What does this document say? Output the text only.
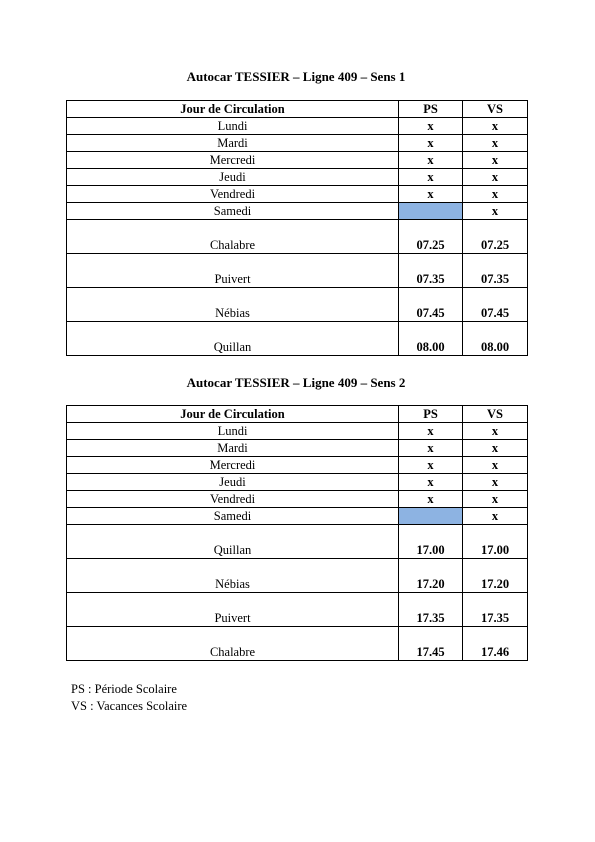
Autocar TESSIER – Ligne 409 – Sens 1
Jour de Circulation	PS	VS
Lundi	x	x
Mardi	x	x
Mercredi	x	x
Jeudi	x	x
Vendredi	x	x
Samedi		x
Chalabre	07.25	07.25
Puivert	07.35	07.35
Nébias	07.45	07.45
Quillan	08.00	08.00
Autocar TESSIER – Ligne 409 – Sens 2
Jour de Circulation	PS	VS
Lundi	x	x
Mardi	x	x
Mercredi	x	x
Jeudi	x	x
Vendredi	x	x
Samedi		x
Quillan	17.00	17.00
Nébias	17.20	17.20
Puivert	17.35	17.35
Chalabre	17.45	17.46
PS : Période Scolaire
VS : Vacances Scolaire
